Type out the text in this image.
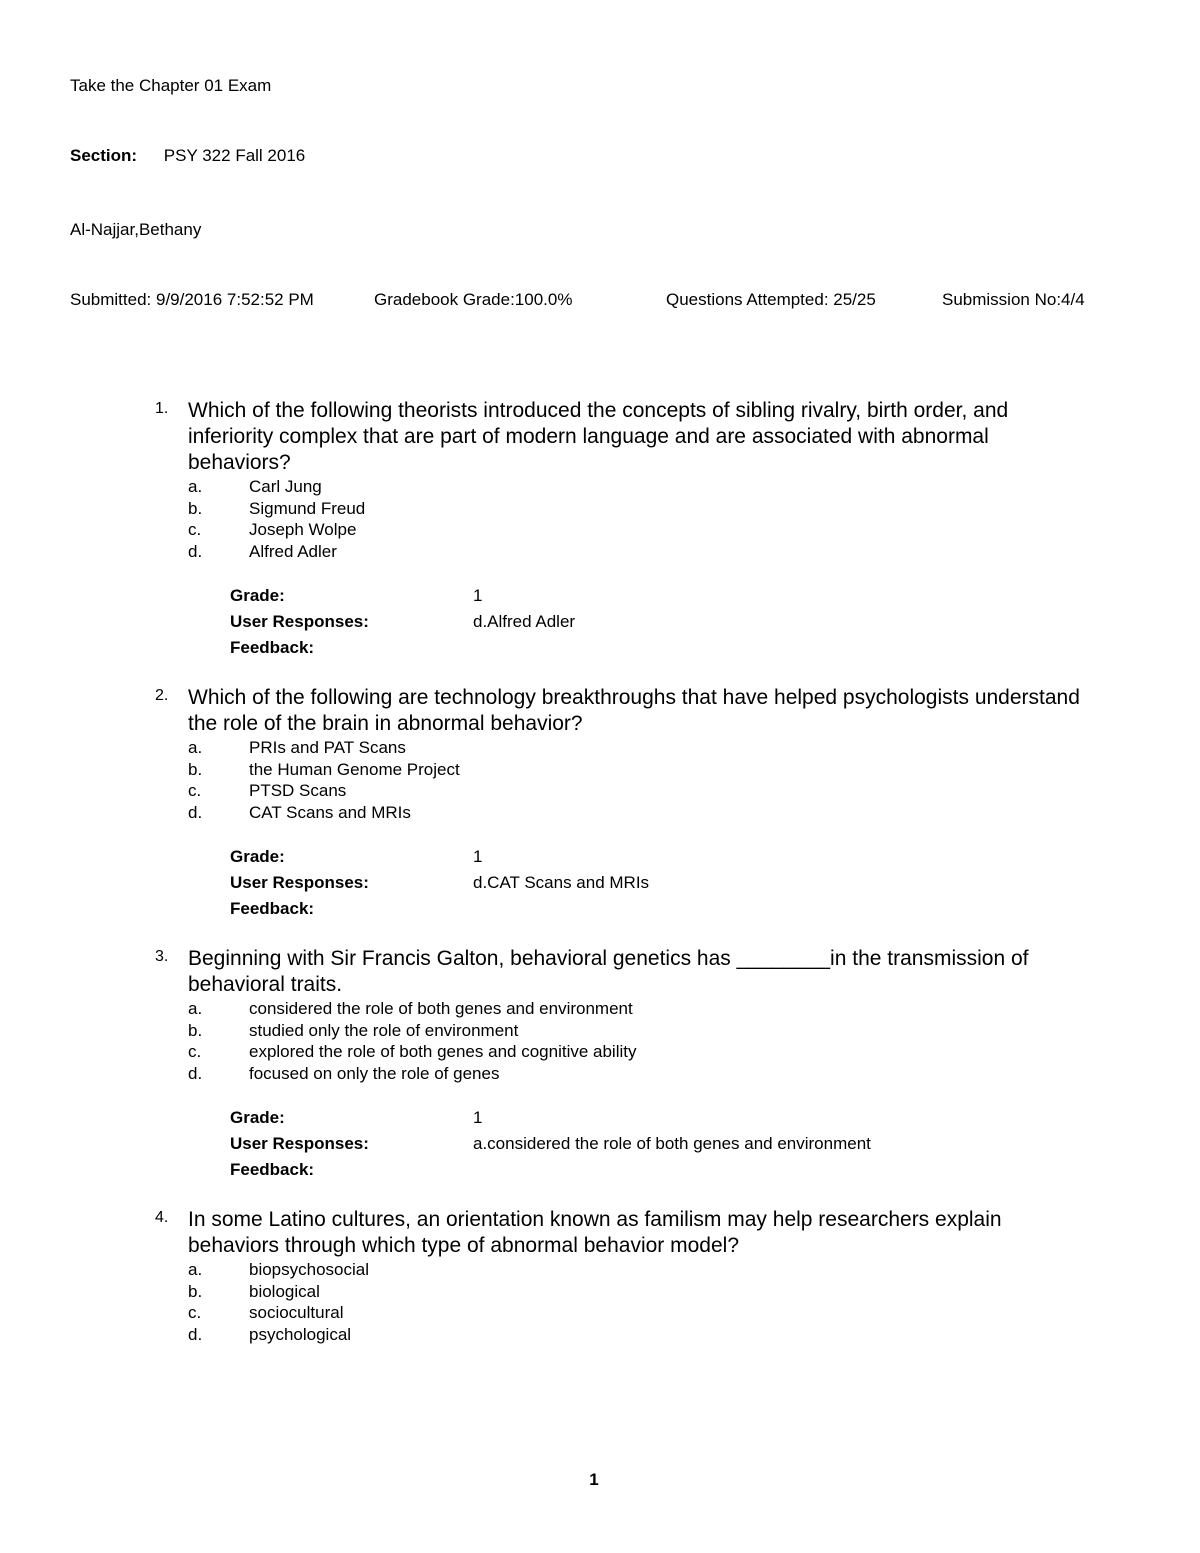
Take the Chapter 01 Exam
Section: PSY 322 Fall 2016
Al-Najjar,Bethany
Submitted: 9/9/2016 7:52:52 PM	Gradebook Grade:100.0%	Questions Attempted: 25/25	Submission No:4/4
1. Which of the following theorists introduced the concepts of sibling rivalry, birth order, and inferiority complex that are part of modern language and are associated with abnormal behaviors?

a.	Carl Jung
b.	Sigmund Freud
c.	Joseph Wolpe
d.	Alfred Adler
Grade:	1
User Responses:	d.Alfred Adler
Feedback:
2. Which of the following are technology breakthroughs that have helped psychologists understand the role of the brain in abnormal behavior?

a.	PRIs and PAT Scans
b.	the Human Genome Project
c.	PTSD Scans
d.	CAT Scans and MRIs
Grade:	1
User Responses:	d.CAT Scans and MRIs
Feedback:
3. Beginning with Sir Francis Galton, behavioral genetics has ________in the transmission of behavioral traits.

a.	considered the role of both genes and environment
b.	studied only the role of environment
c.	explored the role of both genes and cognitive ability
d.	focused on only the role of genes
Grade:	1
User Responses:	a.considered the role of both genes and environment
Feedback:
4. In some Latino cultures, an orientation known as familism may help researchers explain behaviors through which type of abnormal behavior model?

a.	biopsychosocial
b.	biological
c.	sociocultural
d.	psychological
1
